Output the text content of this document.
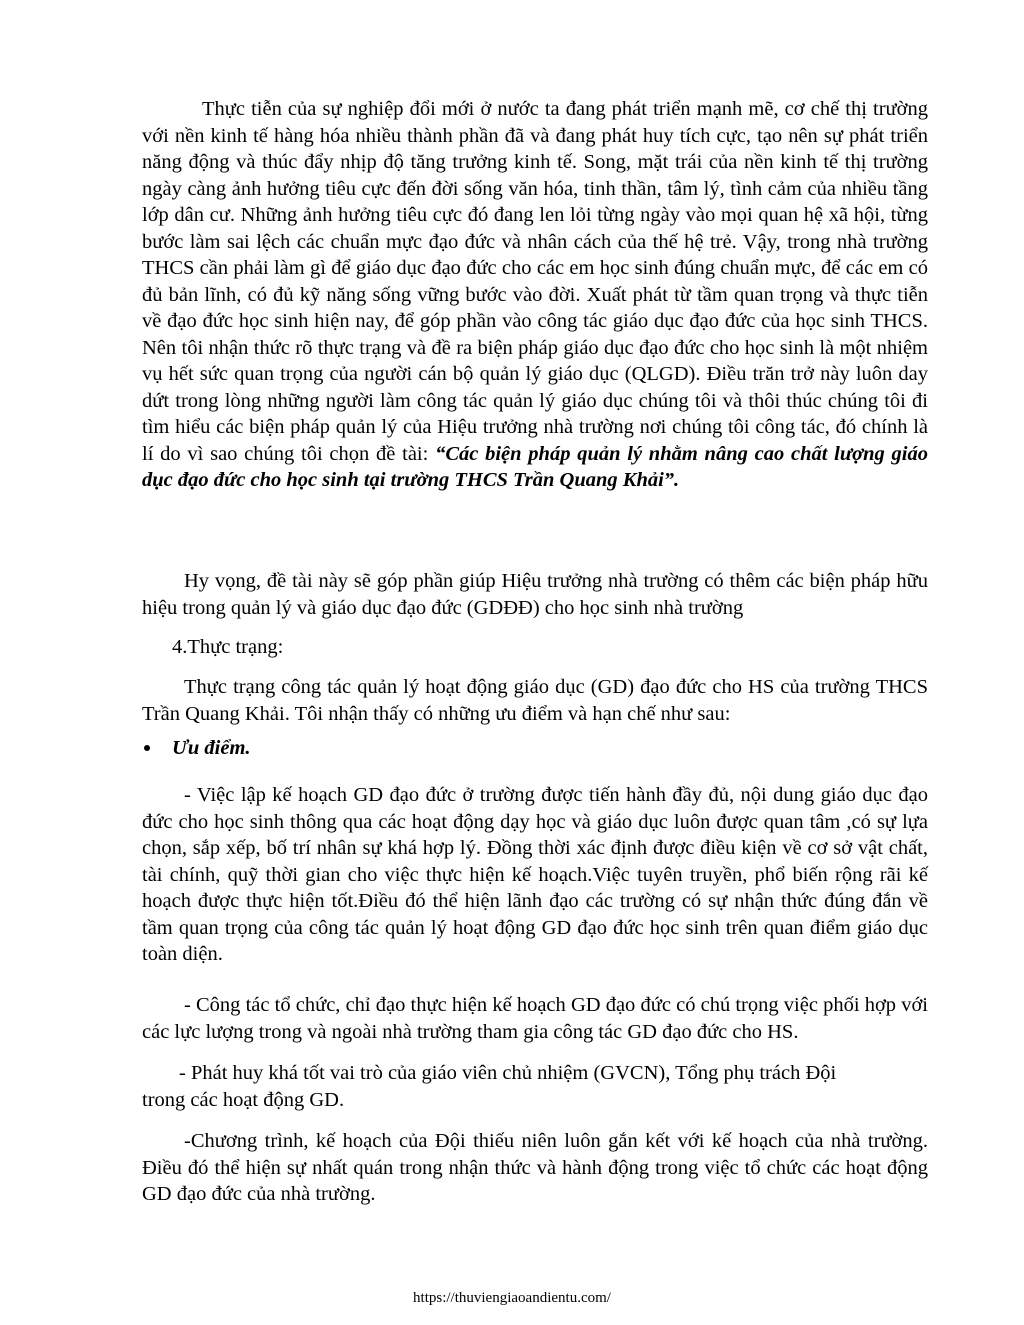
Thực tiễn của sự nghiệp đổi mới ở nước ta đang phát triển mạnh mẽ, cơ chế thị trường với nền kinh tế hàng hóa nhiều thành phần đã và đang phát huy tích cực, tạo nên sự phát triển năng động và thúc đẩy nhịp độ tăng trưởng kinh tế. Song, mặt trái của nền kinh tế thị trường ngày càng ảnh hưởng tiêu cực đến đời sống văn hóa, tinh thần, tâm lý, tình cảm của nhiều tầng lớp dân cư. Những ảnh hưởng tiêu cực đó đang len lỏi từng ngày vào mọi quan hệ xã hội, từng bước làm sai lệch các chuẩn mực đạo đức và nhân cách của thế hệ trẻ. Vậy, trong nhà trường THCS cần phải làm gì để giáo dục đạo đức cho các em học sinh đúng chuẩn mực, để các em có đủ bản lĩnh, có đủ kỹ năng sống vững bước vào đời. Xuất phát từ tầm quan trọng và thực tiễn về đạo đức học sinh hiện nay, để góp phần vào công tác giáo dục đạo đức của học sinh THCS. Nên tôi nhận thức rõ thực trạng và đề ra biện pháp giáo dục đạo đức cho học sinh là một nhiệm vụ hết sức quan trọng của người cán bộ quản lý giáo dục (QLGD). Điều trăn trở này luôn day dứt trong lòng những người làm công tác quản lý giáo dục chúng tôi và thôi thúc chúng tôi đi tìm hiểu các biện pháp quản lý của Hiệu trưởng nhà trường nơi chúng tôi công tác, đó chính là lí do vì sao chúng tôi chọn đề tài: “Các biện pháp quản lý nhằm nâng cao chất lượng giáo dục đạo đức cho học sinh tại trường THCS Trần Quang Khải”.

Hy vọng, đề tài này sẽ góp phần giúp Hiệu trưởng nhà trường có thêm các biện pháp hữu hiệu trong quản lý và giáo dục đạo đức (GDĐĐ) cho học sinh nhà trường

4.Thực trạng:

Thực trạng công tác quản lý hoạt động giáo dục (GD) đạo đức cho HS của trường THCS Trần Quang Khải. Tôi nhận thấy có những ưu điểm và hạn chế như sau:

Ưu điểm.

- Việc lập kế hoạch GD đạo đức ở trường được tiến hành đầy đủ, nội dung giáo dục đạo đức cho học sinh thông qua các hoạt động dạy học và giáo dục luôn được quan tâm ,có sự lựa chọn, sắp xếp, bố trí nhân sự khá hợp lý. Đồng thời xác định được điều kiện về cơ sở vật chất, tài chính, quỹ thời gian cho việc thực hiện kế hoạch.Việc tuyên truyền, phổ biến rộng rãi kế hoạch được thực hiện tốt.Điều đó thể hiện lãnh đạo các trường có sự nhận thức đúng đắn về tầm quan trọng của công tác quản lý hoạt động GD đạo đức học sinh trên quan điểm giáo dục toàn diện.

- Công tác tổ chức, chỉ đạo thực hiện kế hoạch GD đạo đức có chú trọng việc phối hợp với các lực lượng trong và ngoài nhà trường tham gia công tác GD đạo đức cho HS.

- Phát huy khá tốt vai trò của giáo viên chủ nhiệm (GVCN), Tổng phụ trách Đội

trong các hoạt động GD.

-Chương trình, kế hoạch của Đội thiếu niên luôn gắn kết với kế hoạch của nhà trường. Điều đó thể hiện sự nhất quán trong nhận thức và hành động trong việc tổ chức các hoạt động GD đạo đức của nhà trường.

https://thuviengiaoandientu.com/
